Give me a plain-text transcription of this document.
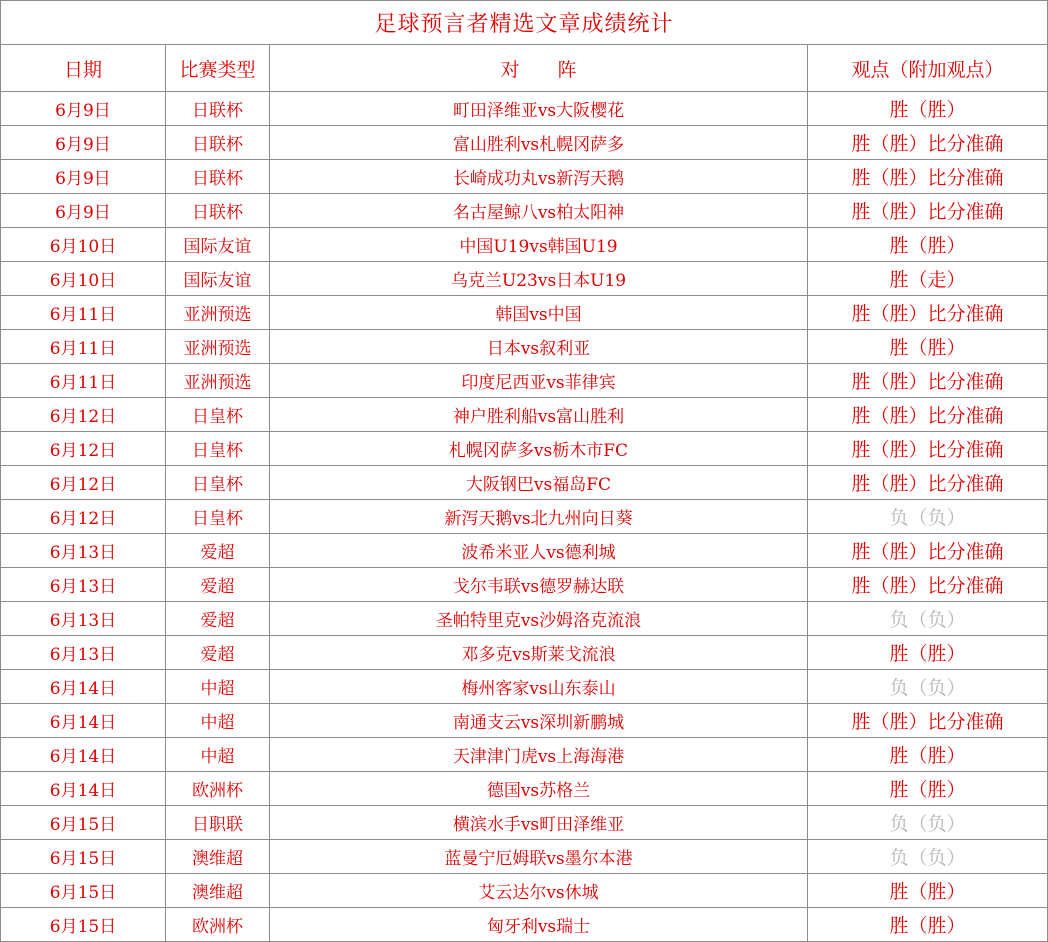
足球预言者精选文章成绩统计
日期	比赛类型	对　　阵	观点（附加观点）
6月9日	日联杯	町田泽维亚vs大阪樱花	胜（胜）
6月9日	日联杯	富山胜利vs札幌冈萨多	胜（胜）比分准确
6月9日	日联杯	长崎成功丸vs新泻天鹅	胜（胜）比分准确
6月9日	日联杯	名古屋鲸八vs柏太阳神	胜（胜）比分准确
6月10日	国际友谊	中国U19vs韩国U19	胜（胜）
6月10日	国际友谊	乌克兰U23vs日本U19	胜（走）
6月11日	亚洲预选	韩国vs中国	胜（胜）比分准确
6月11日	亚洲预选	日本vs叙利亚	胜（胜）
6月11日	亚洲预选	印度尼西亚vs菲律宾	胜（胜）比分准确
6月12日	日皇杯	神户胜利船vs富山胜利	胜（胜）比分准确
6月12日	日皇杯	札幌冈萨多vs栃木市FC	胜（胜）比分准确
6月12日	日皇杯	大阪钢巴vs福岛FC	胜（胜）比分准确
6月12日	日皇杯	新泻天鹅vs北九州向日葵	负（负）
6月13日	爱超	波希米亚人vs德利城	胜（胜）比分准确
6月13日	爱超	戈尔韦联vs德罗赫达联	胜（胜）比分准确
6月13日	爱超	圣帕特里克vs沙姆洛克流浪	负（负）
6月13日	爱超	邓多克vs斯莱戈流浪	胜（胜）
6月14日	中超	梅州客家vs山东泰山	负（负）
6月14日	中超	南通支云vs深圳新鹏城	胜（胜）比分准确
6月14日	中超	天津津门虎vs上海海港	胜（胜）
6月14日	欧洲杯	德国vs苏格兰	胜（胜）
6月15日	日职联	横滨水手vs町田泽维亚	负（负）
6月15日	澳维超	蓝曼宁厄姆联vs墨尔本港	负（负）
6月15日	澳维超	艾云达尔vs休城	胜（胜）
6月15日	欧洲杯	匈牙利vs瑞士	胜（胜）
